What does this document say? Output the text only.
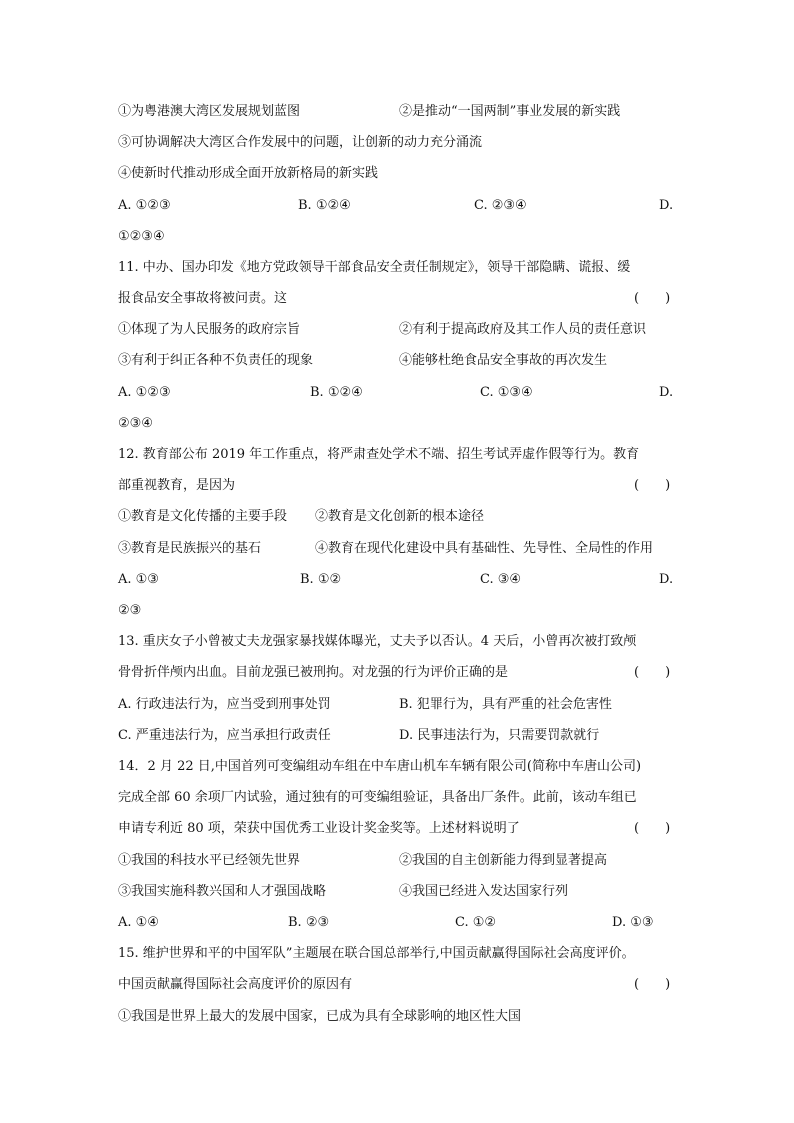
①为粤港澳大湾区发展规划蓝图	②是推动“一国两制”事业发展的新实践
③可协调解决大湾区合作发展中的问题，让创新的动力充分涌流
④使新时代推动形成全面开放新格局的新实践
A. ①②③	B. ①②④	C. ②③④	D.
①②③④
11. 中办、国办印发《地方党政领导干部食品安全责任制规定》，领导干部隐瞒、谎报、缓
报食品安全事故将被问责。这	(　　)
①体现了为人民服务的政府宗旨	②有利于提高政府及其工作人员的责任意识
③有利于纠正各种不负责任的现象	④能够杜绝食品安全事故的再次发生
A. ①②③	B. ①②④	C. ①③④	D.
②③④
12. 教育部公布 2019 年工作重点，将严肃查处学术不端、招生考试弄虚作假等行为。教育
部重视教育，是因为	(　　)
①教育是文化传播的主要手段 ②教育是文化创新的根本途径
③教育是民族振兴的基石	④教育在现代化建设中具有基础性、先导性、全局性的作用
A. ①③	B. ①②	C. ③④	D.
②③
13. 重庆女子小曾被丈夫龙强家暴找媒体曝光，丈夫予以否认。4 天后，小曾再次被打致颅
骨骨折伴颅内出血。目前龙强已被刑拘。对龙强的行为评价正确的是	(　　)
A. 行政违法行为，应当受到刑事处罚	B. 犯罪行为，具有严重的社会危害性
C. 严重违法行为，应当承担行政责任	D. 民事违法行为，只需要罚款就行
14．2 月 22 日,中国首列可变编组动车组在中车唐山机车车辆有限公司(简称中车唐山公司)
完成全部 60 余项厂内试验，通过独有的可变编组验证，具备出厂条件。此前，该动车组已
申请专利近 80 项，荣获中国优秀工业设计奖金奖等。上述材料说明了	(　　)
①我国的科技水平已经领先世界	②我国的自主创新能力得到显著提高
③我国实施科教兴国和人才强国战略	④我国已经进入发达国家行列
A. ①④	B. ②③	C. ①②	D. ①③
15. 维护世界和平的中国军队”主题展在联合国总部举行,中国贡献赢得国际社会高度评价。
中国贡献赢得国际社会高度评价的原因有	(　　)
①我国是世界上最大的发展中国家，已成为具有全球影响的地区性大国
